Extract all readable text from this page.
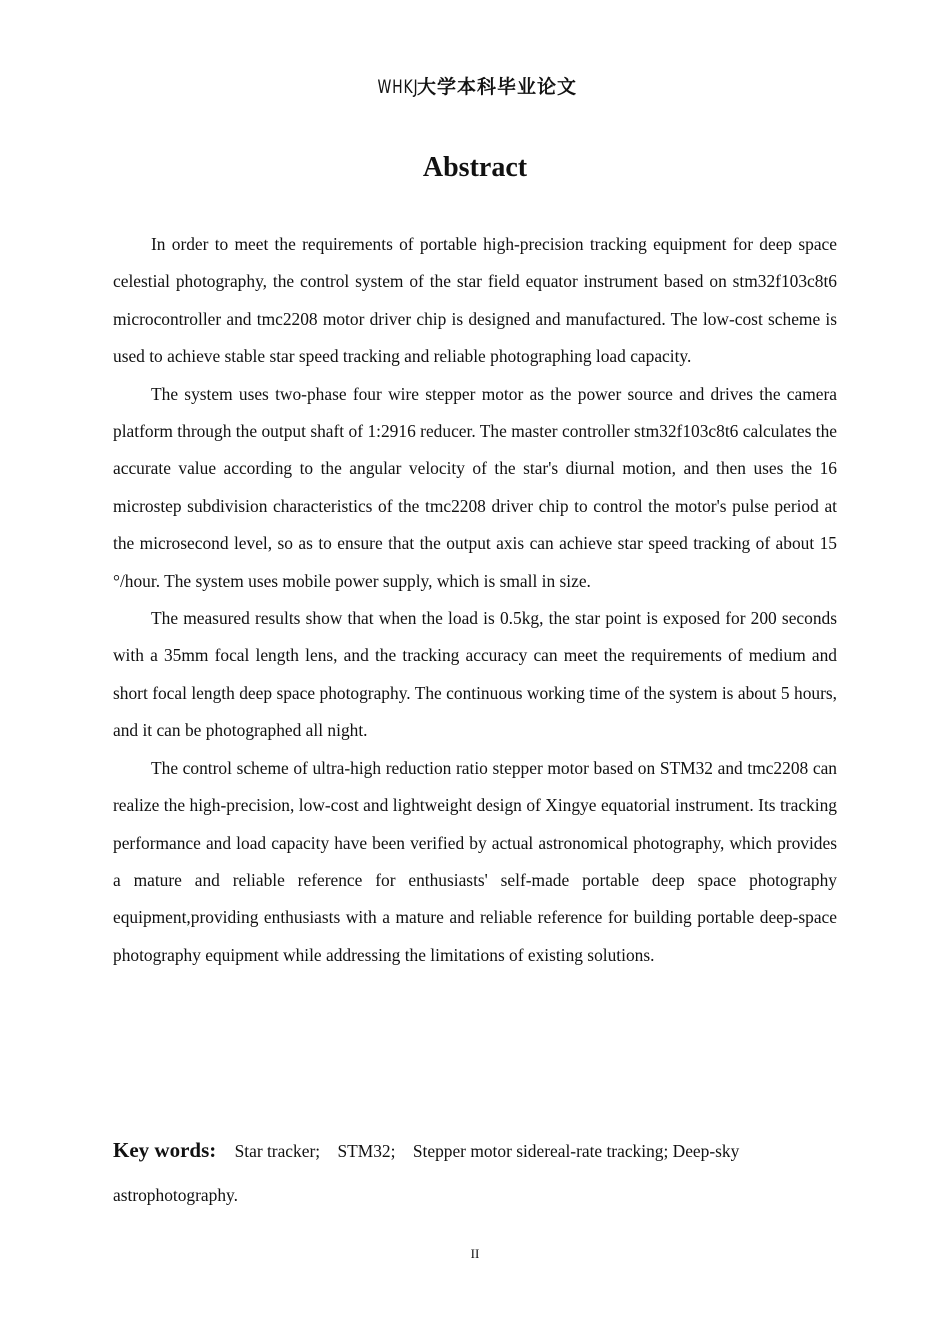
WHKJ大学本科毕业论文
Abstract

In order to meet the requirements of portable high-precision tracking equipment for deep space celestial photography, the control system of the star field equator instrument based on stm32f103c8t6 microcontroller and tmc2208 motor driver chip is designed and manufactured. The low-cost scheme is used to achieve stable star speed tracking and reliable photographing load capacity.

The system uses two-phase four wire stepper motor as the power source and drives the camera platform through the output shaft of 1:2916 reducer. The master controller stm32f103c8t6 calculates the accurate value according to the angular velocity of the star's diurnal motion, and then uses the 16 microstep subdivision characteristics of the tmc2208 driver chip to control the motor's pulse period at the microsecond level, so as to ensure that the output axis can achieve star speed tracking of about 15 °/hour. The system uses mobile power supply, which is small in size.

The measured results show that when the load is 0.5kg, the star point is exposed for 200 seconds with a 35mm focal length lens, and the tracking accuracy can meet the requirements of medium and short focal length deep space photography. The continuous working time of the system is about 5 hours, and it can be photographed all night.

The control scheme of ultra-high reduction ratio stepper motor based on STM32 and tmc2208 can realize the high-precision, low-cost and lightweight design of Xingye equatorial instrument. Its tracking performance and load capacity have been verified by actual astronomical photography, which provides a mature and reliable reference for enthusiasts' self-made portable deep space photography equipment,providing enthusiasts with a mature and reliable reference for building portable deep-space photography equipment while addressing the limitations of existing solutions.

Key words: Star tracker; STM32; Stepper motor sidereal-rate tracking; Deep-sky astrophotography.
II
